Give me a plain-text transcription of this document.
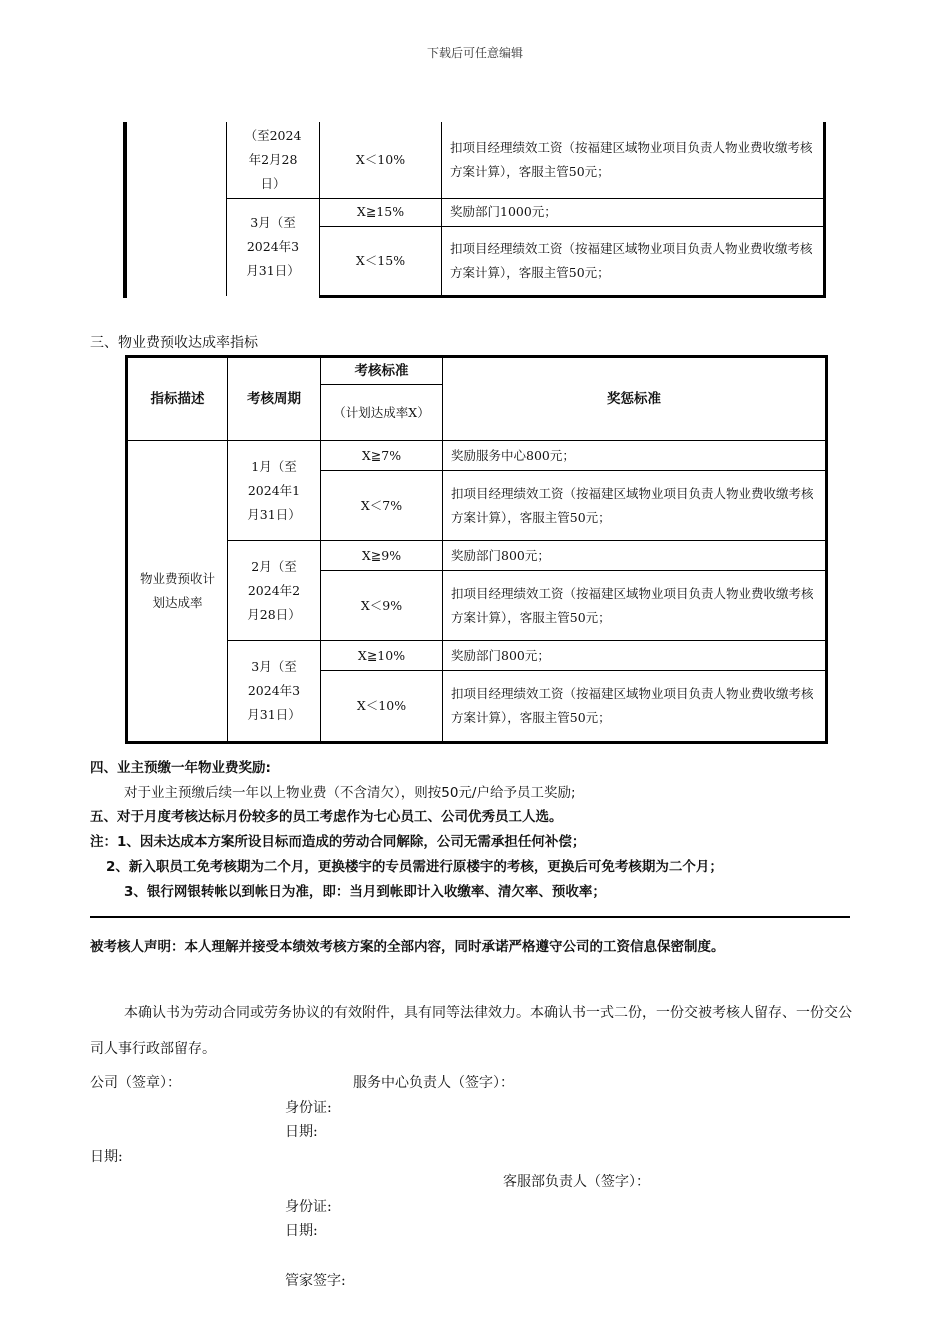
下载后可任意编辑
（至2024年2月28日）	X＜10%	扣项目经理绩效工资（按福建区域物业项目负责人物业费收缴考核方案计算），客服主管50元；

3月（至2024年3月31日）	X≧15%	奖励部门1000元；
	X＜15%	扣项目经理绩效工资（按福建区域物业项目负责人物业费收缴考核方案计算），客服主管50元；
三、物业费预收达成率指标
指标描述	考核周期	考核标准	奖惩标准

		（计划达成率X）	

物业费预收计划达成率	1月（至2024年1月31日）	X≧7%	奖励服务中心800元；
		X＜7%	扣项目经理绩效工资（按福建区域物业项目负责人物业费收缴考核方案计算），客服主管50元；

	2月（至2024年2月28日）	X≧9%	奖励部门800元；
		X＜9%	扣项目经理绩效工资（按福建区域物业项目负责人物业费收缴考核方案计算），客服主管50元；

	3月（至2024年3月31日）	X≧10%	奖励部门800元；
		X＜10%	扣项目经理绩效工资（按福建区域物业项目负责人物业费收缴考核方案计算），客服主管50元；
四、业主预缴一年物业费奖励:
对于业主预缴后续一年以上物业费（不含清欠），则按50元/户给予员工奖励;
五、对于月度考核达标月份较多的员工考虑作为七心员工、公司优秀员工人选。
注：1、因未达成本方案所设目标而造成的劳动合同解除，公司无需承担任何补偿；
2、新入职员工免考核期为二个月，更换楼宇的专员需进行原楼宇的考核，更换后可免考核期为二个月；
3、银行网银转帐以到帐日为准，即：当月到帐即计入收缴率、清欠率、预收率；
被考核人声明：本人理解并接受本绩效考核方案的全部内容，同时承诺严格遵守公司的工资信息保密制度。
本确认书为劳动合同或劳务协议的有效附件，具有同等法律效力。本确认书一式二份，一份交被考核人留存、一份交公司人事行政部留存。
公司（签章）：	服务中心负责人（签字）：
身份证:
日期:
日期:
客服部负责人（签字）：
身份证:
日期:
管家签字:
